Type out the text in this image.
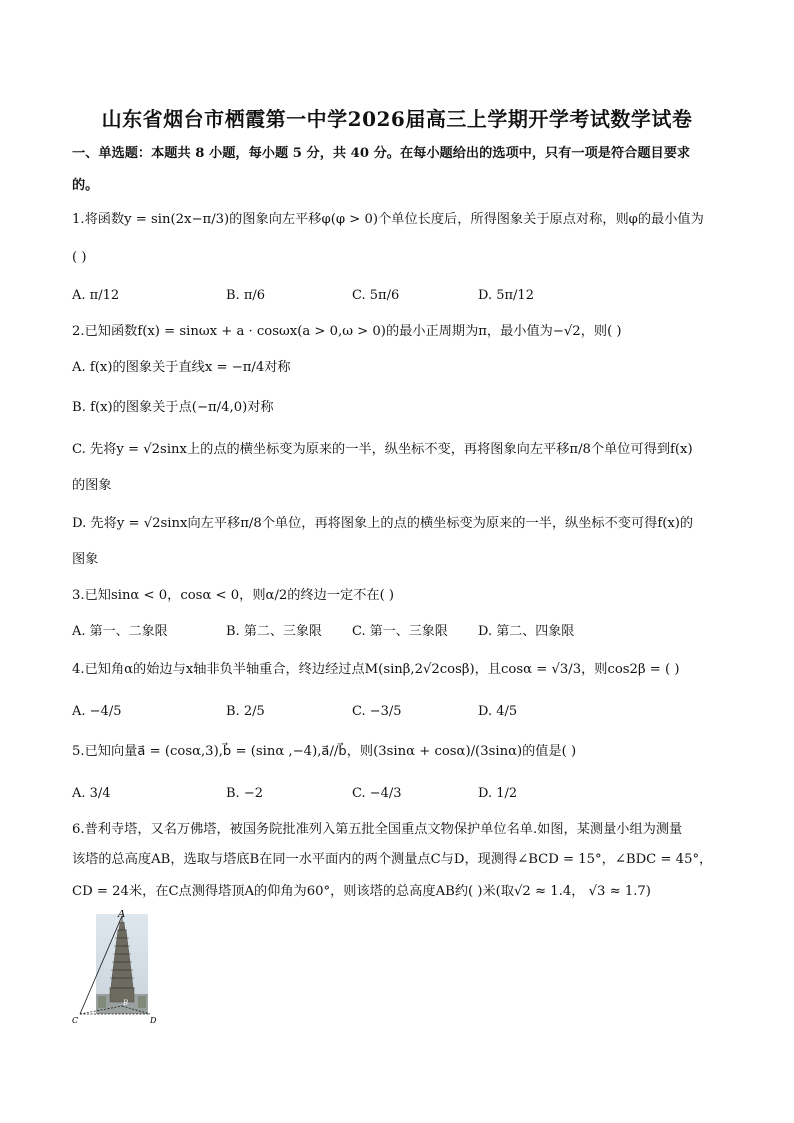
山东省烟台市栖霞第一中学2026届高三上学期开学考试数学试卷
一、单选题：本题共 8 小题，每小题 5 分，共 40 分。在每小题给出的选项中，只有一项是符合题目要求
的。
1.将函数y = sin(2x−π/3)的图象向左平移φ(φ > 0)个单位长度后，所得图象关于原点对称，则φ的最小值为
( )
A. π/12	B. π/6	C. 5π/6	D. 5π/12
2.已知函数f(x) = sinωx + a · cosωx(a > 0,ω > 0)的最小正周期为π，最小值为−√2，则( )
A. f(x)的图象关于直线x = −π/4对称
B. f(x)的图象关于点(−π/4,0)对称
C. 先将y = √2sinx上的点的横坐标变为原来的一半，纵坐标不变，再将图象向左平移π/8个单位可得到f(x)
的图象
D. 先将y = √2sinx向左平移π/8个单位，再将图象上的点的横坐标变为原来的一半，纵坐标不变可得f(x)的
图象
3.已知sinα < 0，cosα < 0，则α/2的终边一定不在( )
A. 第一、二象限	B. 第二、三象限 C. 第一、三象限 D. 第二、四象限
4.已知角α的始边与x轴非负半轴重合，终边经过点M(sinβ,2√2cosβ)，且cosα = √3/3，则cos2β = ( )
A. −4/5	B. 2/5	C. −3/5	D. 4/5
5.已知向量a⃗ = (cosα,3),b⃗ = (sinα ,−4),a⃗//b⃗，则(3sinα + cosα)/(3sinα)的值是( )
A. 3/4	B. −2	C. −4/3	D. 1/2
6.普利寺塔，又名万佛塔，被国务院批准列入第五批全国重点文物保护单位名单.如图，某测量小组为测量
该塔的总高度AB，选取与塔底B在同一水平面内的两个测量点C与D，现测得∠BCD = 15°，∠BDC = 45°，
CD = 24米，在C点测得塔顶A的仰角为60°，则该塔的总高度AB约( )米(取√2 ≈ 1.4， √3 ≈ 1.7)
A
B
C	D
